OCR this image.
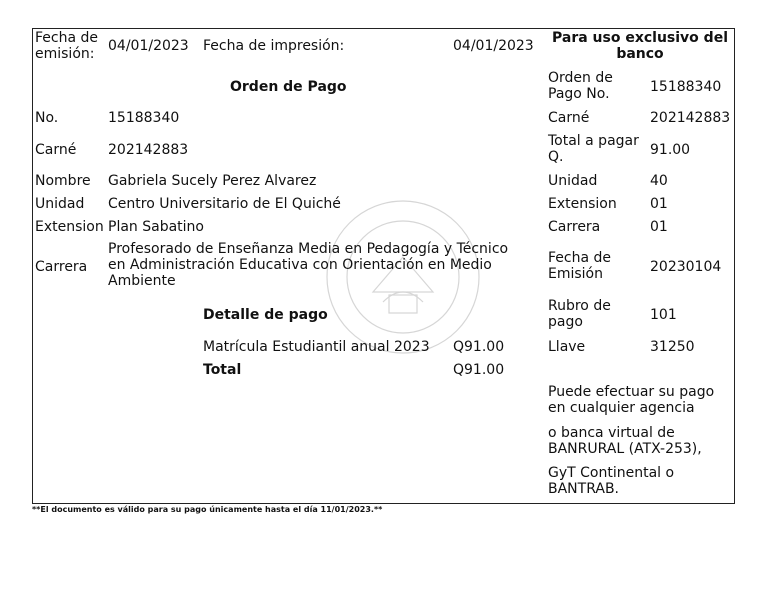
Fecha de emisión: 04/01/2023 Fecha de impresión:	04/01/2023	Para uso exclusivo del banco
Orden de Pago
No.	15188340
Carné 202142883
Nombre Gabriela Sucely Perez Alvarez
Unidad Centro Universitario de El Quiché
Extension Plan Sabatino
Carrera
Profesorado de Enseñanza Media en Pedagogía y Técnico en Administración Educativa con Orientación en Medio Ambiente
Detalle de pago
Matrícula Estudiantil anual 2023 Q91.00
Total	Q91.00
Orden de Pago No.	15188340
Carné	202142883
Total a pagar Q.	91.00
Unidad	40
Extension 01
Carrera	01
Fecha de Emisión	20230104
Rubro de pago	101
Llave	31250
Puede efectuar su pago en cualquier agencia
o banca virtual de BANRURAL (ATX-253),
GyT Continental o BANTRAB.
**El documento es válido para su pago únicamente hasta el día 11/01/2023.**
